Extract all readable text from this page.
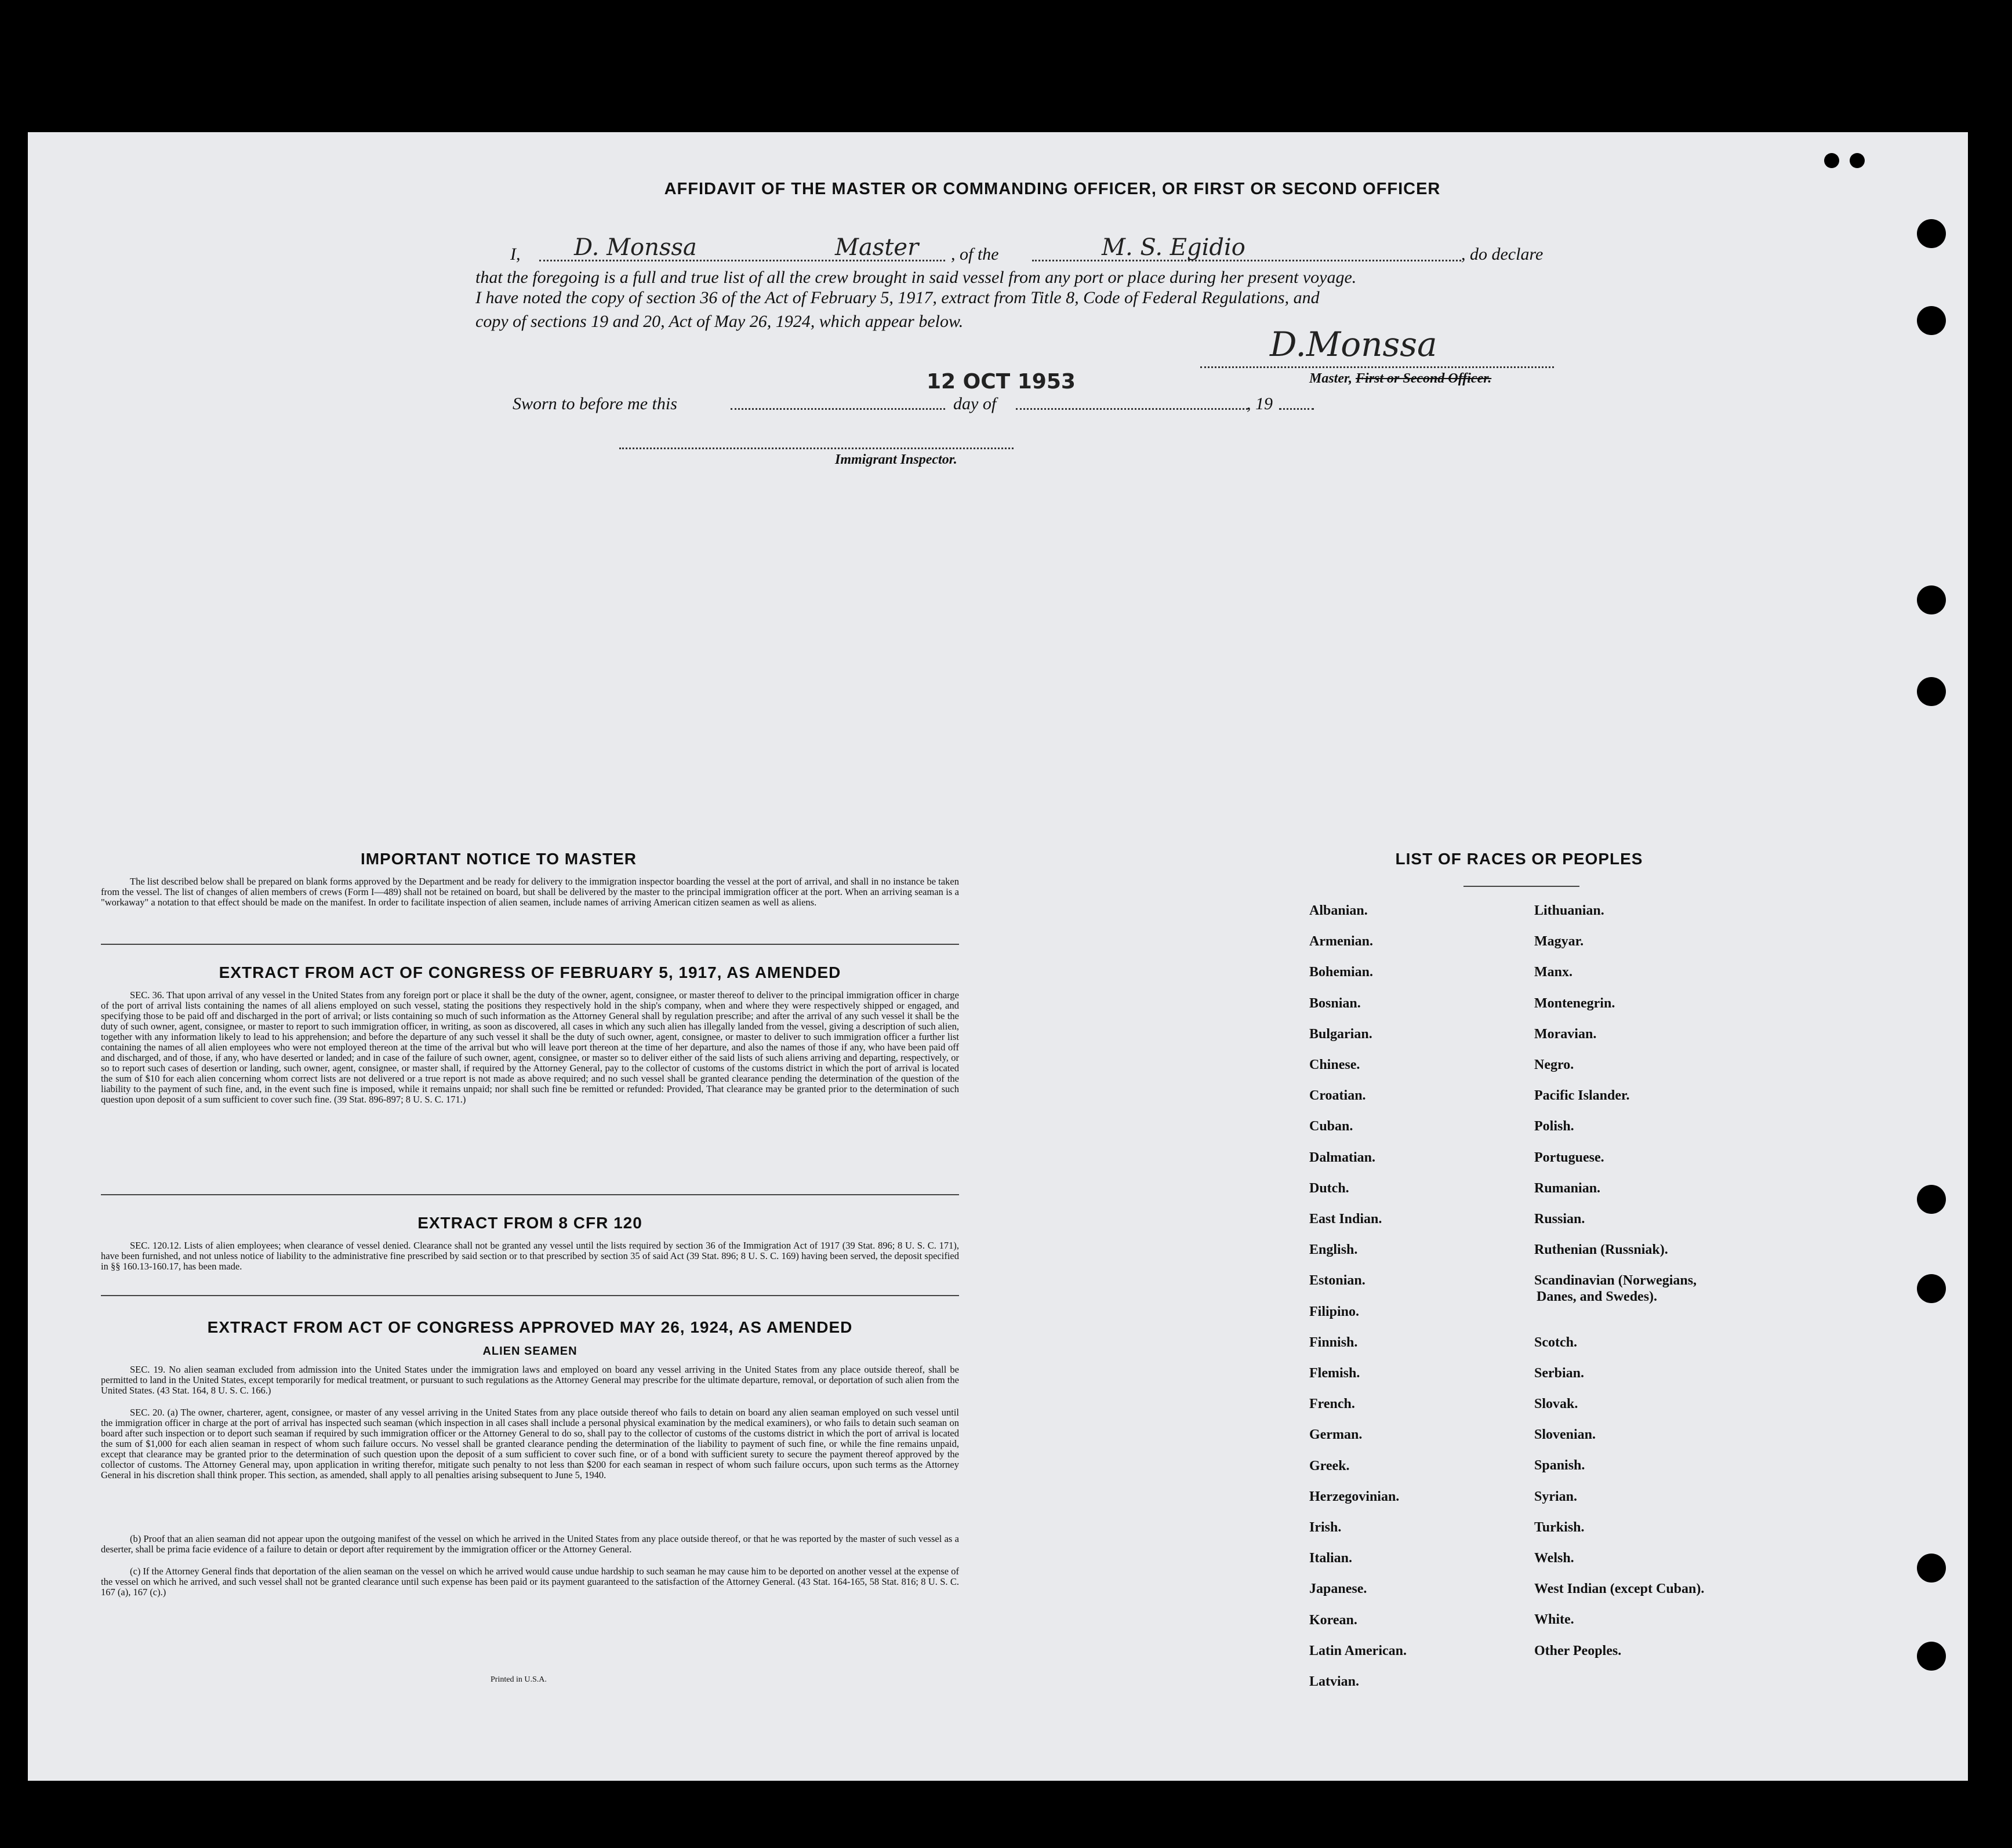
AFFIDAVIT OF THE MASTER OR COMMANDING OFFICER, OR FIRST OR SECOND OFFICER
I, D. Monssa	Master , of the	M. S. Egidio	, do declare
that the foregoing is a full and true list of all the crew brought in said vessel from any port or place during her present voyage.
I have noted the copy of section 36 of the Act of February 5, 1917, extract from Title 8, Code of Federal Regulations, and
copy of sections 19 and 20, Act of May 26, 1924, which appear below.
D.Monssa
Master, First or Second Officer.
Sworn to before me this
12 OCT 1953
day of	, 19
Immigrant Inspector.
IMPORTANT NOTICE TO MASTER
The list described below shall be prepared on blank forms approved by the Department and be ready for delivery to the immigration inspector boarding the vessel at the port of arrival, and shall in no instance be taken from the vessel. The list of changes of alien members of crews (Form I—489) shall not be retained on board, but shall be delivered by the master to the principal immigration officer at the port. When an arriving seaman is a "workaway" a notation to that effect should be made on the manifest. In order to facilitate inspection of alien seamen, include names of arriving American citizen seamen as well as aliens.
EXTRACT FROM ACT OF CONGRESS OF FEBRUARY 5, 1917, AS AMENDED
SEC. 36. That upon arrival of any vessel in the United States from any foreign port or place it shall be the duty of the owner, agent, consignee, or master thereof to deliver to the principal immigration officer in charge of the port of arrival lists containing the names of all aliens employed on such vessel, stating the positions they respectively hold in the ship's company, when and where they were respectively shipped or engaged, and specifying those to be paid off and discharged in the port of arrival; or lists containing so much of such information as the Attorney General shall by regulation prescribe; and after the arrival of any such vessel it shall be the duty of such owner, agent, consignee, or master to report to such immigration officer, in writing, as soon as discovered, all cases in which any such alien has illegally landed from the vessel, giving a description of such alien, together with any information likely to lead to his apprehension; and before the departure of any such vessel it shall be the duty of such owner, agent, consignee, or master to deliver to such immigration officer a further list containing the names of all alien employees who were not employed thereon at the time of the arrival but who will leave port thereon at the time of her departure, and also the names of those if any, who have been paid off and discharged, and of those, if any, who have deserted or landed; and in case of the failure of such owner, agent, consignee, or master so to deliver either of the said lists of such aliens arriving and departing, respectively, or so to report such cases of desertion or landing, such owner, agent, consignee, or master shall, if required by the Attorney General, pay to the collector of customs of the customs district in which the port of arrival is located the sum of $10 for each alien concerning whom correct lists are not delivered or a true report is not made as above required; and no such vessel shall be granted clearance pending the determination of the question of the liability to the payment of such fine, and, in the event such fine is imposed, while it remains unpaid; nor shall such fine be remitted or refunded: Provided, That clearance may be granted prior to the determination of such question upon deposit of a sum sufficient to cover such fine. (39 Stat. 896-897; 8 U. S. C. 171.)
EXTRACT FROM 8 CFR 120
SEC. 120.12. Lists of alien employees; when clearance of vessel denied. Clearance shall not be granted any vessel until the lists required by section 36 of the Immigration Act of 1917 (39 Stat. 896; 8 U. S. C. 171), have been furnished, and not unless notice of liability to the administrative fine prescribed by said section or to that prescribed by section 35 of said Act (39 Stat. 896; 8 U. S. C. 169) having been served, the deposit specified in §§ 160.13-160.17, has been made.
EXTRACT FROM ACT OF CONGRESS APPROVED MAY 26, 1924, AS AMENDED
ALIEN SEAMEN
SEC. 19. No alien seaman excluded from admission into the United States under the immigration laws and employed on board any vessel arriving in the United States from any place outside thereof, shall be permitted to land in the United States, except temporarily for medical treatment, or pursuant to such regulations as the Attorney General may prescribe for the ultimate departure, removal, or deportation of such alien from the United States. (43 Stat. 164, 8 U. S. C. 166.)
SEC. 20. (a) The owner, charterer, agent, consignee, or master of any vessel arriving in the United States from any place outside thereof who fails to detain on board any alien seaman employed on such vessel until the immigration officer in charge at the port of arrival has inspected such seaman (which inspection in all cases shall include a personal physical examination by the medical examiners), or who fails to detain such seaman on board after such inspection or to deport such seaman if required by such immigration officer or the Attorney General to do so, shall pay to the collector of customs of the customs district in which the port of arrival is located the sum of $1,000 for each alien seaman in respect of whom such failure occurs. No vessel shall be granted clearance pending the determination of the liability to payment of such fine, or while the fine remains unpaid, except that clearance may be granted prior to the determination of such question upon the deposit of a sum sufficient to cover such fine, or of a bond with sufficient surety to secure the payment thereof approved by the collector of customs. The Attorney General may, upon application in writing therefor, mitigate such penalty to not less than $200 for each seaman in respect of whom such failure occurs, upon such terms as the Attorney General in his discretion shall think proper. This section, as amended, shall apply to all penalties arising subsequent to June 5, 1940.
(b) Proof that an alien seaman did not appear upon the outgoing manifest of the vessel on which he arrived in the United States from any place outside thereof, or that he was reported by the master of such vessel as a deserter, shall be prima facie evidence of a failure to detain or deport after requirement by the immigration officer or the Attorney General.
(c) If the Attorney General finds that deportation of the alien seaman on the vessel on which he arrived would cause undue hardship to such seaman he may cause him to be deported on another vessel at the expense of the vessel on which he arrived, and such vessel shall not be granted clearance until such expense has been paid or its payment guaranteed to the satisfaction of the Attorney General. (43 Stat. 164-165, 58 Stat. 816; 8 U. S. C. 167 (a), 167 (c).)
Printed in U.S.A.
LIST OF RACES OR PEOPLES
Albanian.
Armenian.
Bohemian.
Bosnian.
Bulgarian.
Chinese.
Croatian.
Cuban.
Dalmatian.
Dutch.
East Indian.
English.
Estonian.
Filipino.
Finnish.
Flemish.
French.
German.
Greek.
Herzegovinian.
Irish.
Italian.
Japanese.
Korean.
Latin American.
Latvian.
Lithuanian.
Magyar.
Manx.
Montenegrin.
Moravian.
Negro.
Pacific Islander.
Polish.
Portuguese.
Rumanian.
Russian.
Ruthenian (Russniak).
Scandinavian (Norwegians,
Danes, and Swedes).
Scotch.
Serbian.
Slovak.
Slovenian.
Spanish.
Syrian.
Turkish.
Welsh.
West Indian (except Cuban).
White.
Other Peoples.
